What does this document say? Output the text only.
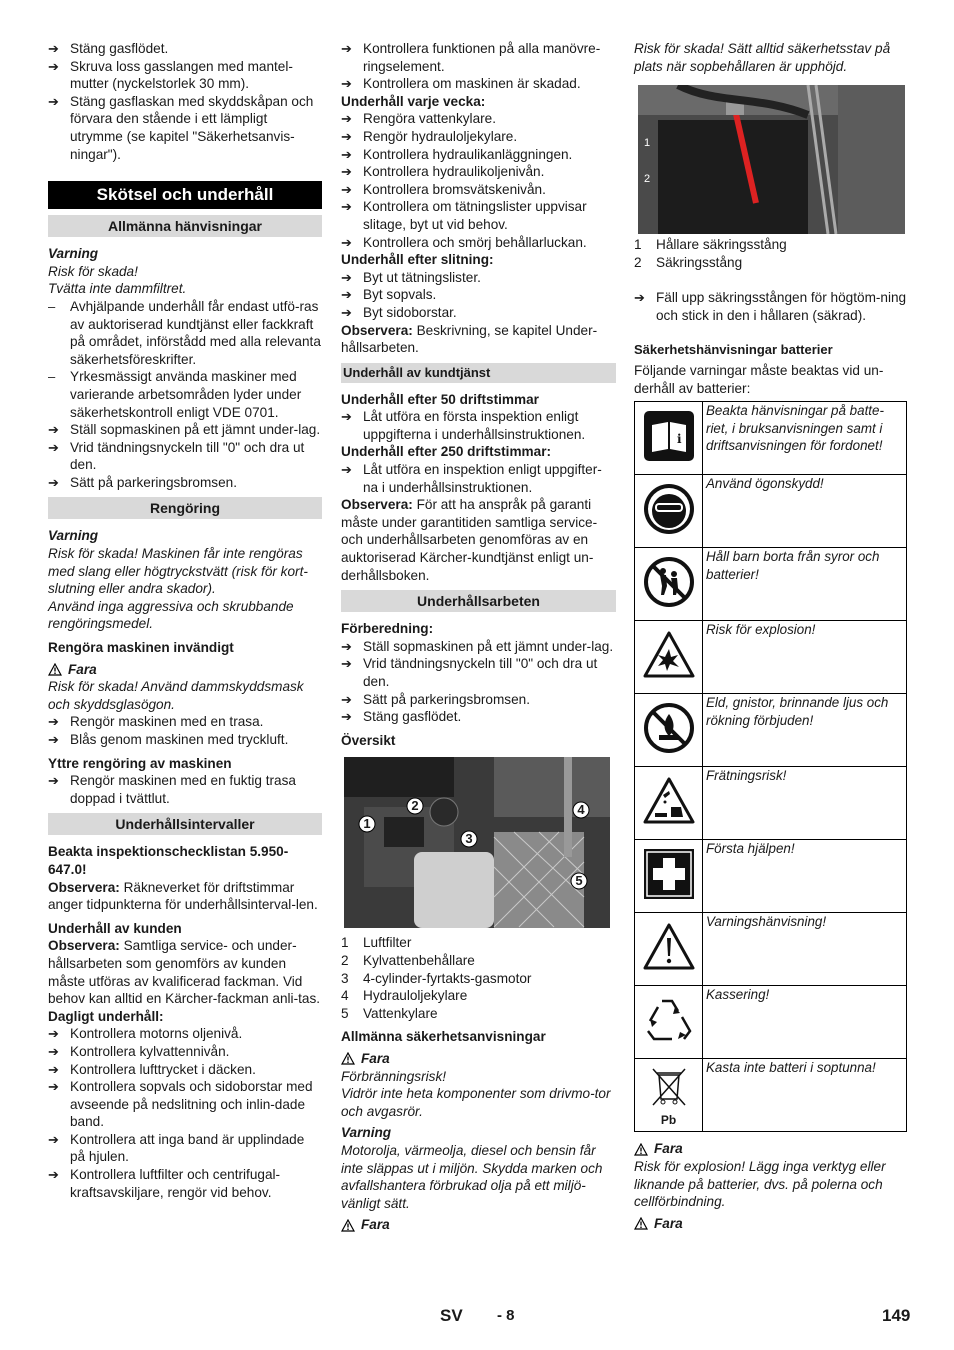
➔ Stäng gasflödet.
➔ Skruva loss gasslangen med mantel-mutter (nyckelstorlek 30 mm).
➔ Stäng gasflaskan med skyddskåpan och förvara den stående i ett lämpligt utrymme (se kapitel "Säkerhetsanvis-ningar").
Skötsel och underhåll
Allmänna hänvisningar

Varning

Risk för skada!

Tvätta inte dammfiltret.

–	Avhjälpande underhåll får endast utfö-ras av auktoriserad kundtjänst eller fackkraft på området, införstådd med alla relevanta säkerhetsföreskrifter.
–	Yrkesmässigt använda maskiner med varierande arbetsområden lyder under säkerhetskontroll enligt VDE 0701.
➔ Ställ sopmaskinen på ett jämnt under-lag.
➔ Vrid tändningsnyckeln till "0" och dra ut den.
➔ Sätt på parkeringsbromsen.
Rengöring

Varning

Risk för skada! Maskinen får inte rengöras med slang eller högtryckstvätt (risk för kort-slutning eller andra skador).

Använd inga aggressiva och skrubbande rengöringsmedel.

Rengöra maskinen invändigt

Fara

Risk för skada! Använd dammskyddsmask och skyddsglasögon.

➔ Rengör maskinen med en trasa.
➔ Blås genom maskinen med tryckluft.

Yttre rengöring av maskinen

➔ Rengör maskinen med en fuktig trasa doppad i tvättlut.
Underhållsintervaller

Beakta inspektionschecklistan 5.950-647.0!

Observera: Räkneverket för driftstimmar anger tidpunkterna för underhållsinterval-len.

Underhåll av kunden

Observera: Samtliga service- och under-hållsarbeten som genomförs av kunden måste utföras av kvalificerad fackman. Vid behov kan alltid en Kärcher-fackman anli-tas.

Dagligt underhåll:

➔ Kontrollera motorns oljenivå.
➔ Kontrollera kylvattennivån.
➔ Kontrollera lufttrycket i däcken.
➔ Kontrollera sopvals och sidoborstar med avseende på nedslitning och inlin-dade band.
➔ Kontrollera att inga band är upplindade på hjulen.
➔ Kontrollera luftfilter och centrifugal-kraftsavskiljare, rengör vid behov.
➔ Kontrollera funktionen på alla manövre-ringselement.
➔ Kontrollera om maskinen är skadad.

Underhåll varje vecka:

➔ Rengöra vattenkylare.
➔ Rengör hydrauloljekylare.
➔ Kontrollera hydraulikanläggningen.
➔ Kontrollera hydraulikoljenivån.
➔ Kontrollera bromsvätskenivån.
➔ Kontrollera om tätningslister uppvisar slitage, byt ut vid behov.
➔ Kontrollera och smörj behållarluckan.

Underhåll efter slitning:

➔ Byt ut tätningslister.
➔ Byt sopvals.
➔ Byt sidoborstar.

Observera: Beskrivning, se kapitel Under-hållsarbeten.

Underhåll av kundtjänst

Underhåll efter 50 driftstimmar

➔ Låt utföra en första inspektion enligt uppgifterna i underhållsinstruktionen.

Underhåll efter 250 driftstimmar:

➔ Låt utföra en inspektion enligt uppgifter-na i underhållsinstruktionen.

Observera: För att ha anspråk på garanti måste under garantitiden samtliga service- och underhållsarbeten genomföras av en auktoriserad Kärcher-kundtjänst enligt un-derhållsboken.

Underhållsarbeten

Förberedning:

➔ Ställ sopmaskinen på ett jämnt under-lag.
➔ Vrid tändningsnyckeln till "0" och dra ut den.
➔ Sätt på parkeringsbromsen.
➔ Stäng gasflödet.

Översikt

1
2
3
4
5
1	Luftfilter
2	Kylvattenbehållare
3	4-cylinder-fyrtakts-gasmotor
4	Hydrauloljekylare
5	Vattenkylare

Allmänna säkerhetsanvisningar

Fara

Förbränningsrisk!

Vidrör inte heta komponenter som drivmo-tor och avgasrör.

Varning

Motorolja, värmeolja, diesel och bensin får inte släppas ut i miljön. Skydda marken och avfallshantera förbrukad olja på ett miljö-vänligt sätt.

Fara

Risk för skada! Sätt alltid säkerhetsstav på plats när sopbehållaren är upphöjd.

1
2
1	Hållare säkringsstång
2	Säkringsstång
➔ Fäll upp säkringsstången för högtöm-ning och stick in den i hållaren (säkrad).

Säkerhetshänvisningar batterier

Följande varningar måste beaktas vid un-derhåll av batterier:

i	Beakta hänvisningar på batte-riet, i bruksanvisningen samt i driftsanvisningen för fordonet!
	Använd ögonskydd!
	Håll barn borta från syror och batterier!
	Risk för explosion!
	Eld, gnistor, brinnande ljus och rökning förbjuden!
	Frätningsrisk!
	Första hjälpen!
	Varningshänvisning!
	Kassering!

Pb	Kasta inte batteri i soptunna!
Fara

Risk för explosion! Lägg inga verktyg eller liknande på batterier, dvs. på polerna och cellförbindning.

Fara
SV - 8	149
